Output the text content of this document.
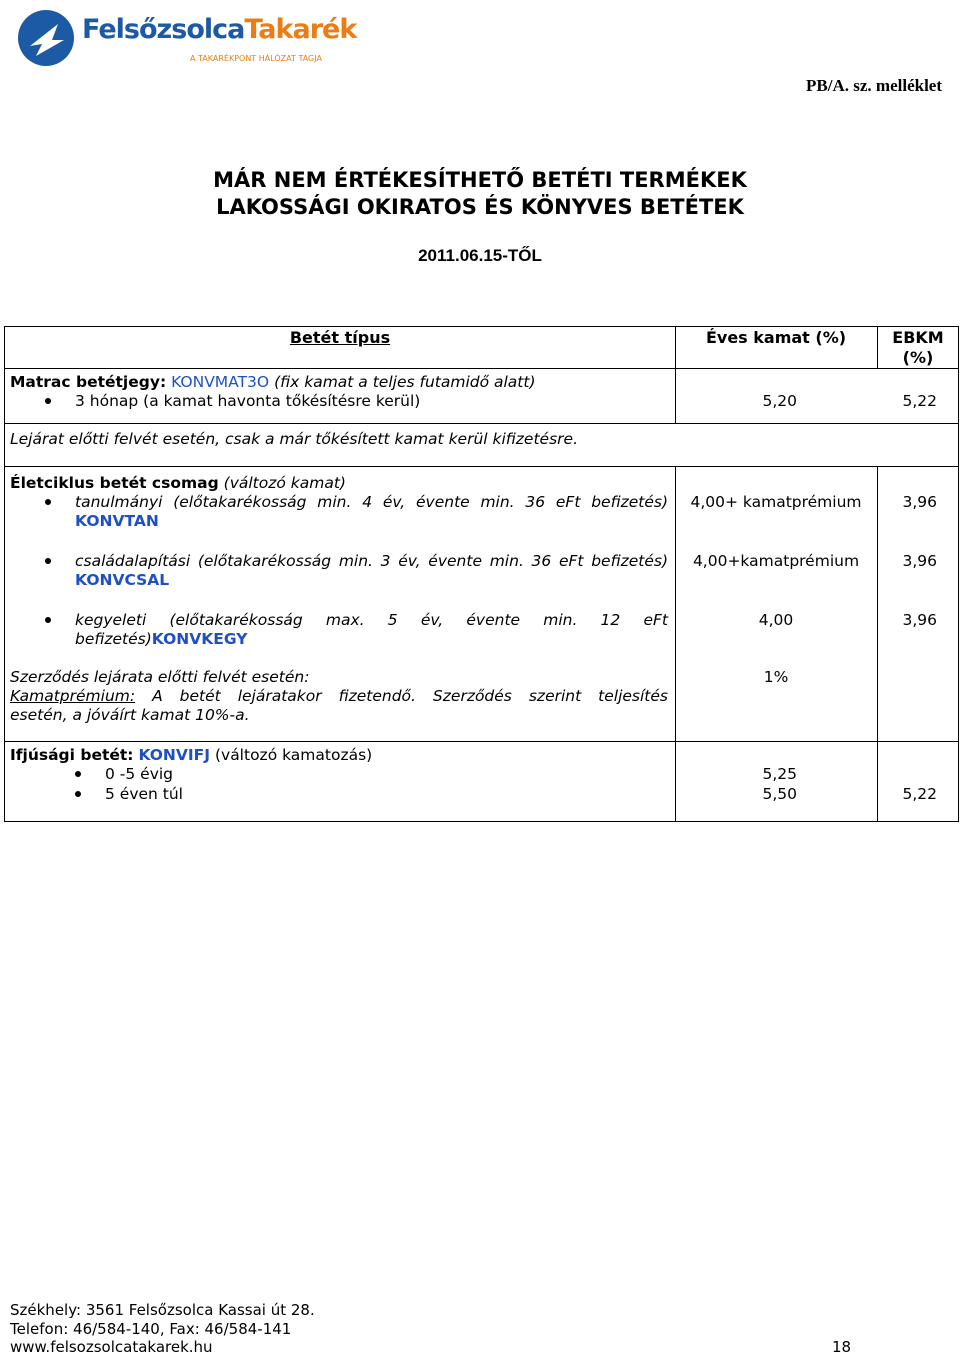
FelsőzsolcaTakarék
A TAKARÉKPONT HÁLÓZAT TAGJA
PB/A. sz. melléklet
MÁR NEM ÉRTÉKESÍTHETŐ BETÉTI TERMÉKEK
LAKOSSÁGI OKIRATOS ÉS KÖNYVES BETÉTEK
2011.06.15-TŐL
Betét típus	Éves kamat (%)	EBKM (%)
Matrac betétjegy: KONVMAT3O (fix kamat a teljes futamidő alatt)
3 hónap (a kamat havonta tőkésítésre kerül)	5,20	5,22
Lejárat előtti felvét esetén, csak a már tőkésített kamat kerül kifizetésre.
Életciklus betét csomag (változó kamat)
tanulmányi (előtakarékosság min. 4 év, évente min. 36 eFt befizetés)
KONVTAN
4,00+ kamatprémium	3,96
családalapítási (előtakarékosság min. 3 év, évente min. 36 eFt befizetés)
KONVCSAL
4,00+kamatprémium	3,96
kegyeleti (előtakarékosság max. 5 év, évente min. 12 eFt
befizetés)KONVKEGY
4,00	3,96
Szerződés lejárata előtti felvét esetén:	1%
Kamatprémium: A betét lejáratakor fizetendő. Szerződés szerint teljesítés
esetén, a jóváírt kamat 10%-a.
Ifjúsági betét: KONVIFJ (változó kamatozás)
0 -5 évig	5,25
5 éven túl	5,50	5,22
Székhely: 3561 Felsőzsolca Kassai út 28.
Telefon: 46/584-140, Fax: 46/584-141
www.felsozsolcatakarek.hu	18
